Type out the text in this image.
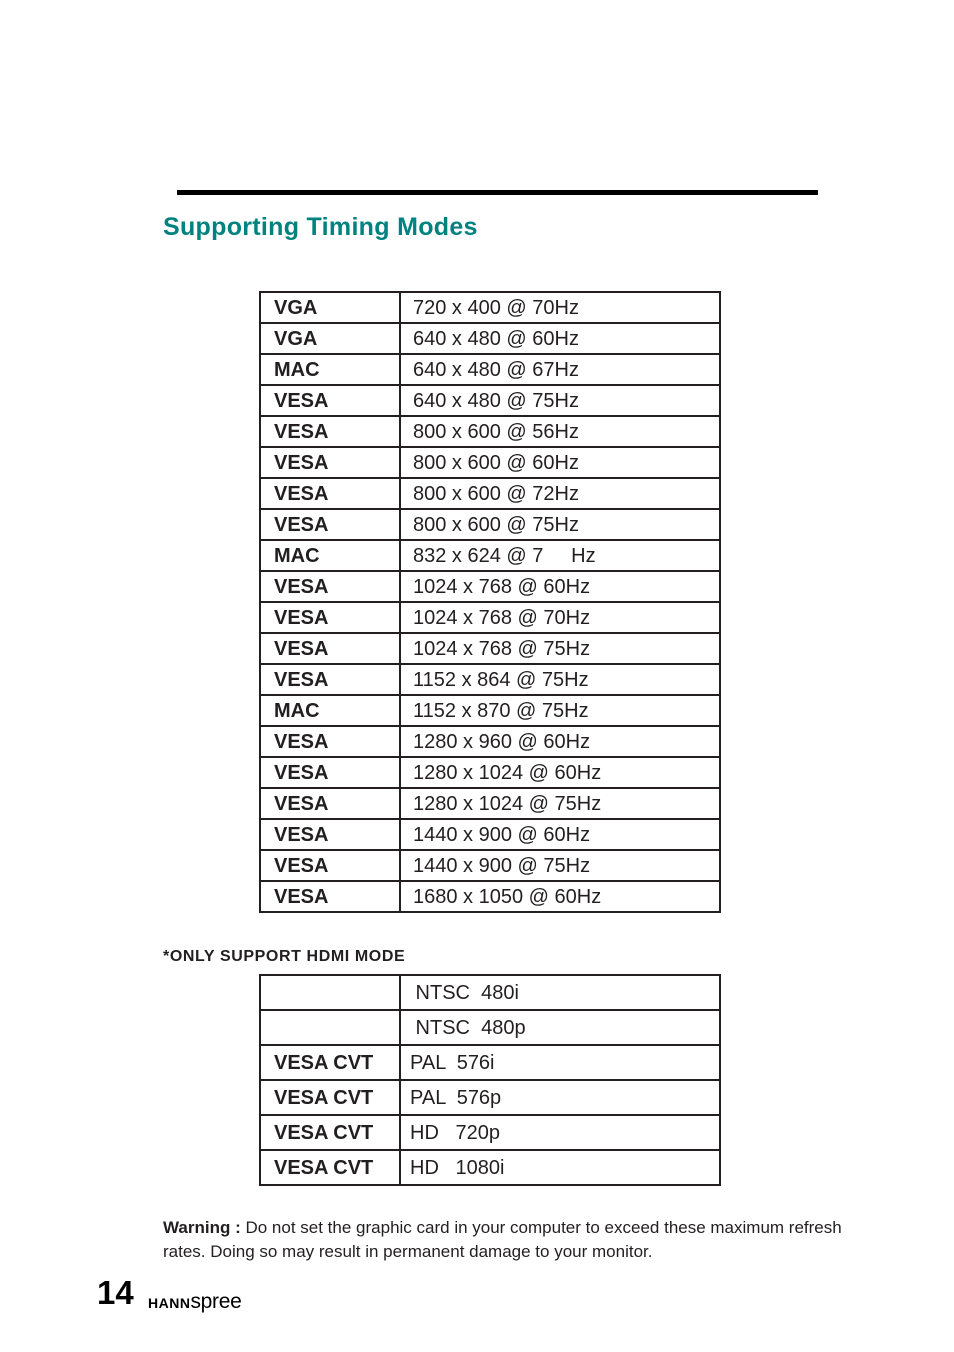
Supporting Timing Modes
VGA	720 x 400 @ 70Hz
VGA	640 x 480 @ 60Hz
MAC	640 x 480 @ 67Hz
VESA	640 x 480 @ 75Hz
VESA	800 x 600 @ 56Hz
VESA	800 x 600 @ 60Hz
VESA	800 x 600 @ 72Hz
VESA	800 x 600 @ 75Hz
MAC	832 x 624 @ 7     Hz
VESA	1024 x 768 @ 60Hz
VESA	1024 x 768 @ 70Hz
VESA	1024 x 768 @ 75Hz
VESA	1152 x 864 @ 75Hz
MAC	1152 x 870 @ 75Hz
VESA	1280 x 960 @ 60Hz
VESA	1280 x 1024 @ 60Hz
VESA	1280 x 1024 @ 75Hz
VESA	1440 x 900 @ 60Hz
VESA	1440 x 900 @ 75Hz
VESA	1680 x 1050 @ 60Hz
*ONLY SUPPORT HDMI MODE
	NTSC  480i
	NTSC  480p
VESA CVT	PAL  576i
VESA CVT	PAL  576p
VESA CVT	HD   720p
VESA CVT	HD   1080i
Warning : Do not set the graphic card in your computer to exceed these maximum refresh rates. Doing so may result in permanent damage to your monitor.
14 HANNspree
